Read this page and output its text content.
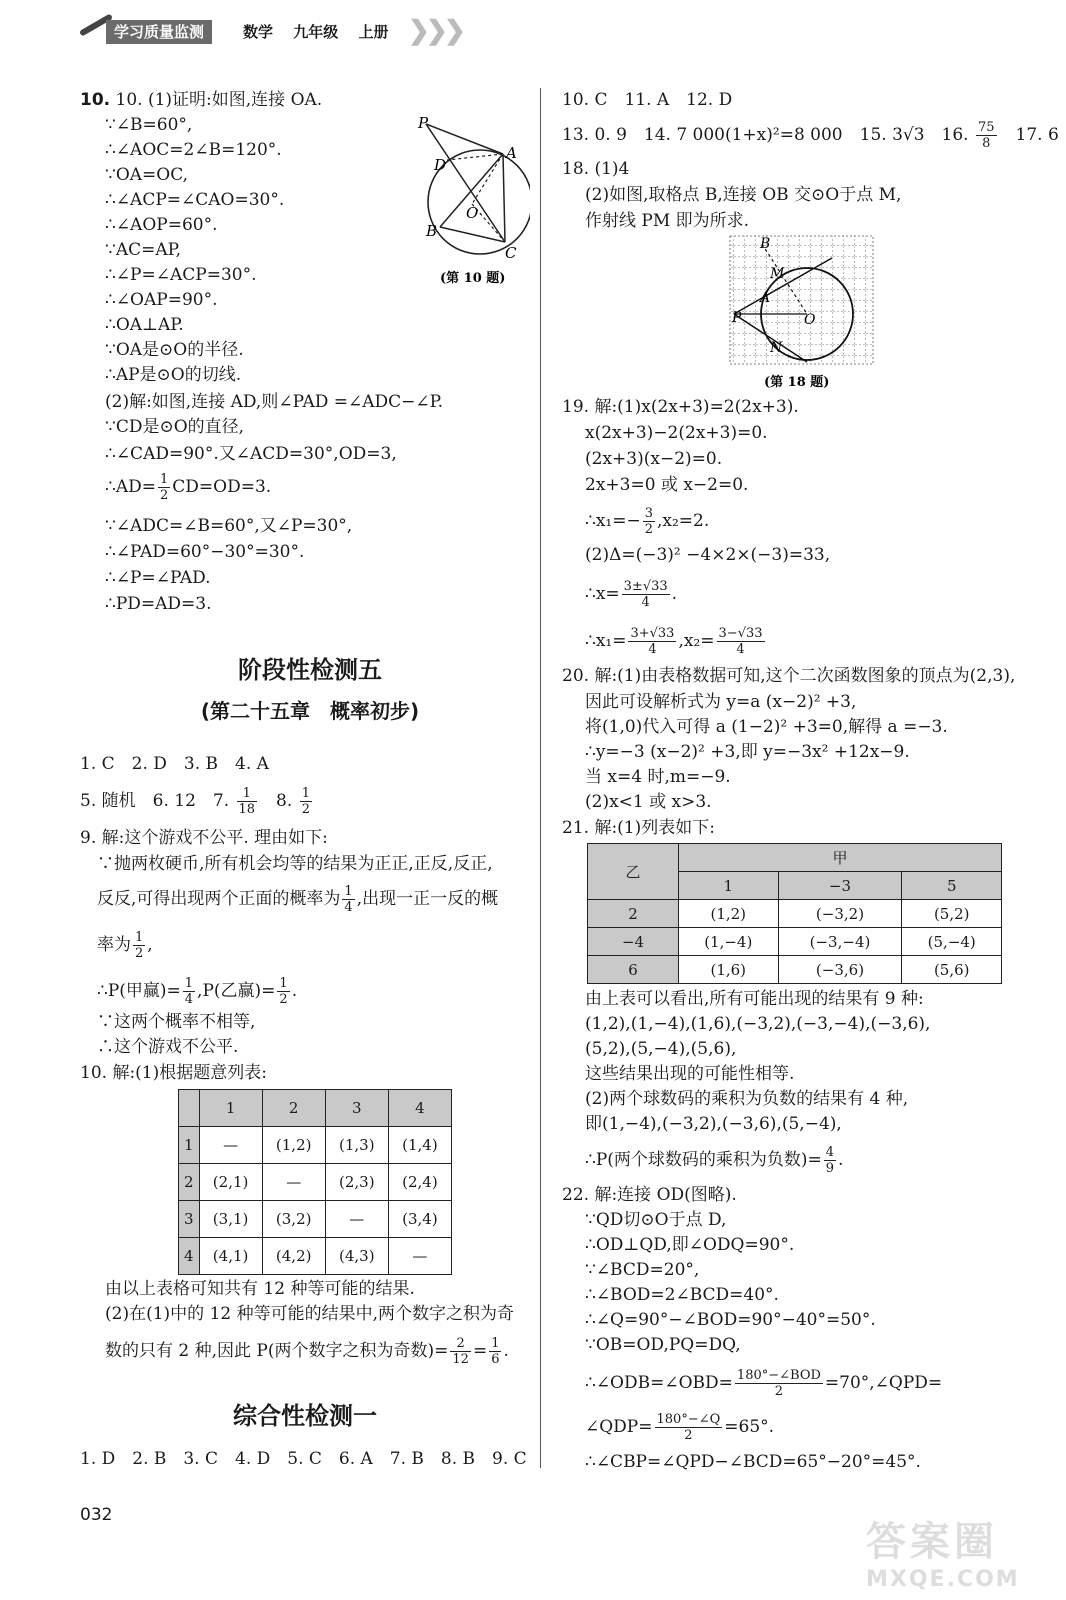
学习质量监测	数学　 九年级　 上册 ❯
❯
❯
10. 10. (1)证明:如图,连接 OA.
∵∠B=60°,
∴∠AOC=2∠B=120°.
∵OA=OC,
∴∠ACP=∠CAO=30°.
∴∠AOP=60°.
∵AC=AP,
∴∠P=∠ACP=30°.
∴∠OAP=90°.
∴OA⊥AP.
∵OA是⊙O的半径.
∴AP是⊙O的切线.
(2)解:如图,连接 AD,则∠PAD =∠ADC−∠P.
∵CD是⊙O的直径,
∴∠CAD=90°.又∠ACD=30°,OD=3,
∴AD= $\frac{1}{2} CD=OD=3$.
∵∠ADC=∠B=60°,又∠P=30°,
∴∠PAD=60°−30°=30°.
∴∠P=∠PAD.
∴PD=AD=3.
P
A
D
O
B
C
(第 10 题)
阶段性检测五
(第二十五章　概率初步)
1. C　2. D　3. B　4. A
5. 随机　6. 12　7. $\frac{1}{18}$ 　8. $\frac{1}{2}$
9. 解:这个游戏不公平. 理由如下:
∵抛两枚硬币,所有机会均等的结果为正正,正反,反正,
反反,可得出现两个正面的概率为 $\frac{1}{4}$ ,出现一正一反的概
率为 $\frac{1}{2}$ ,
∴P(甲赢)= $\frac{1}{4} ,P$(乙赢)= $\frac{1}{2}$ .
∵这两个概率不相等,
∴这个游戏不公平.
10. 解:(1)根据题意列表:
	1	2	3	4
1	—	(1,2)	(1,3)	(1,4)
2	(2,1)	—	(2,3)	(2,4)
3	(3,1)	(3,2)	—	(3,4)
4	(4,1)	(4,2)	(4,3)	—
由以上表格可知共有 12 种等可能的结果.
(2)在(1)中的 12 种等可能的结果中,两个数字之积为奇
数的只有 2 种,因此 P(两个数字之积为奇数)= $\frac{2}{12} = \frac{1}{6}$ .
综合性检测一
1. D　2. B　3. C　4. D　5. C　6. A　7. B　8. B　9. C
10. C　11. A　12. D
13. 0. 9　14. 7 000(1+x)²=8 000　15. 3√3　16. $\frac{75}{8}$ 　17. 6
18. (1)4
(2)如图,取格点 B,连接 OB 交⊙O于点 M,
作射线 PM 即为所求.
B
M
A
P	O
N
(第 18 题)
19. 解:(1)x(2x+3)=2(2x+3).
x(2x+3)−2(2x+3)=0.
(2x+3)(x−2)=0.
2x+3=0 或 x−2=0.
∴x₁=− $\frac{3}{2} ,x_2=2$.
(2)Δ=(−3)² −4×2×(−3)=33,
∴x= $\frac{3\pm√33}{4}$ .
∴x₁= $\frac{3+√33}{4} ,x_2= \frac{3-√33}{4}$
20. 解:(1)由表格数据可知,这个二次函数图象的顶点为(2,3),
因此可设解析式为 y=a (x−2)² +3,
将(1,0)代入可得 a (1−2)² +3=0,解得 a =−3.
∴y=−3 (x−2)² +3,即 y=−3x² +12x−9.
当 x=4 时,m=−9.
(2)x<1 或 x>3.
21. 解:(1)列表如下:
乙	甲		
	1	−3	5
2	(1,2)	(−3,2)	(5,2)
−4	(1,−4)	(−3,−4)	(5,−4)
6	(1,6)	(−3,6)	(5,6)
由上表可以看出,所有可能出现的结果有 9 种:
(1,2),(1,−4),(1,6),(−3,2),(−3,−4),(−3,6),
(5,2),(5,−4),(5,6),
这些结果出现的可能性相等.
(2)两个球数码的乘积为负数的结果有 4 种,
即(1,−4),(−3,2),(−3,6),(5,−4),
∴P(两个球数码的乘积为负数)= $\frac{4}{9}$ .
22. 解:连接 OD(图略).
∵QD切⊙O于点 D,
∴OD⊥QD,即∠ODQ=90°.
∵∠BCD=20°,
∴∠BOD=2∠BCD=40°.
∴∠Q=90°−∠BOD=90°−40°=50°.
∵OB=OD,PQ=DQ,
∴∠ODB=∠OBD= $\frac{\text{180°−∠BOD}}{2}$ =70°,∠QPD=
∠QDP= $\frac{180^\circ-\angle Q}{2} =65^\circ$.
∴∠CBP=∠QPD−∠BCD=65°−20°=45°.
032
答案圈
MXQE.COM
